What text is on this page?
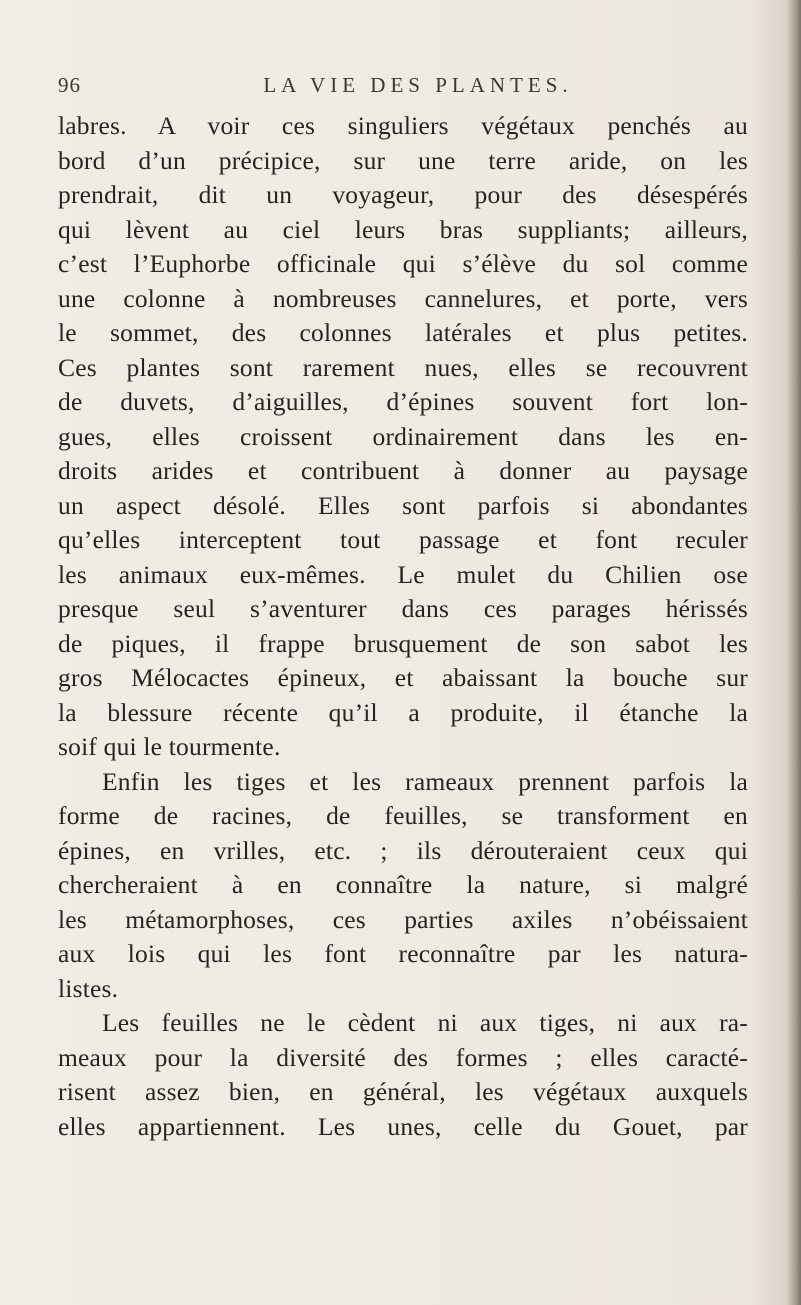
96	LA VIE DES PLANTES.
labres. A voir ces singuliers végétaux penchés au
bord d’un précipice, sur une terre aride, on les
prendrait, dit un voyageur, pour des désespérés
qui lèvent au ciel leurs bras suppliants; ailleurs,
c’est l’Euphorbe officinale qui s’élève du sol comme
une colonne à nombreuses cannelures, et porte, vers
le sommet, des colonnes latérales et plus petites.
Ces plantes sont rarement nues, elles se recouvrent
de duvets, d’aiguilles, d’épines souvent fort lon-
gues, elles croissent ordinairement dans les en-
droits arides et contribuent à donner au paysage
un aspect désolé. Elles sont parfois si abondantes
qu’elles interceptent tout passage et font reculer
les animaux eux-mêmes. Le mulet du Chilien ose
presque seul s’aventurer dans ces parages hérissés
de piques, il frappe brusquement de son sabot les
gros Mélocactes épineux, et abaissant la bouche sur
la blessure récente qu’il a produite, il étanche la
soif qui le tourmente.
Enfin les tiges et les rameaux prennent parfois la
forme de racines, de feuilles, se transforment en
épines, en vrilles, etc. ; ils dérouteraient ceux qui
chercheraient à en connaître la nature, si malgré
les métamorphoses, ces parties axiles n’obéissaient
aux lois qui les font reconnaître par les natura-
listes.
Les feuilles ne le cèdent ni aux tiges, ni aux ra-
meaux pour la diversité des formes ; elles caracté-
risent assez bien, en général, les végétaux auxquels
elles appartiennent. Les unes, celle du Gouet, par
